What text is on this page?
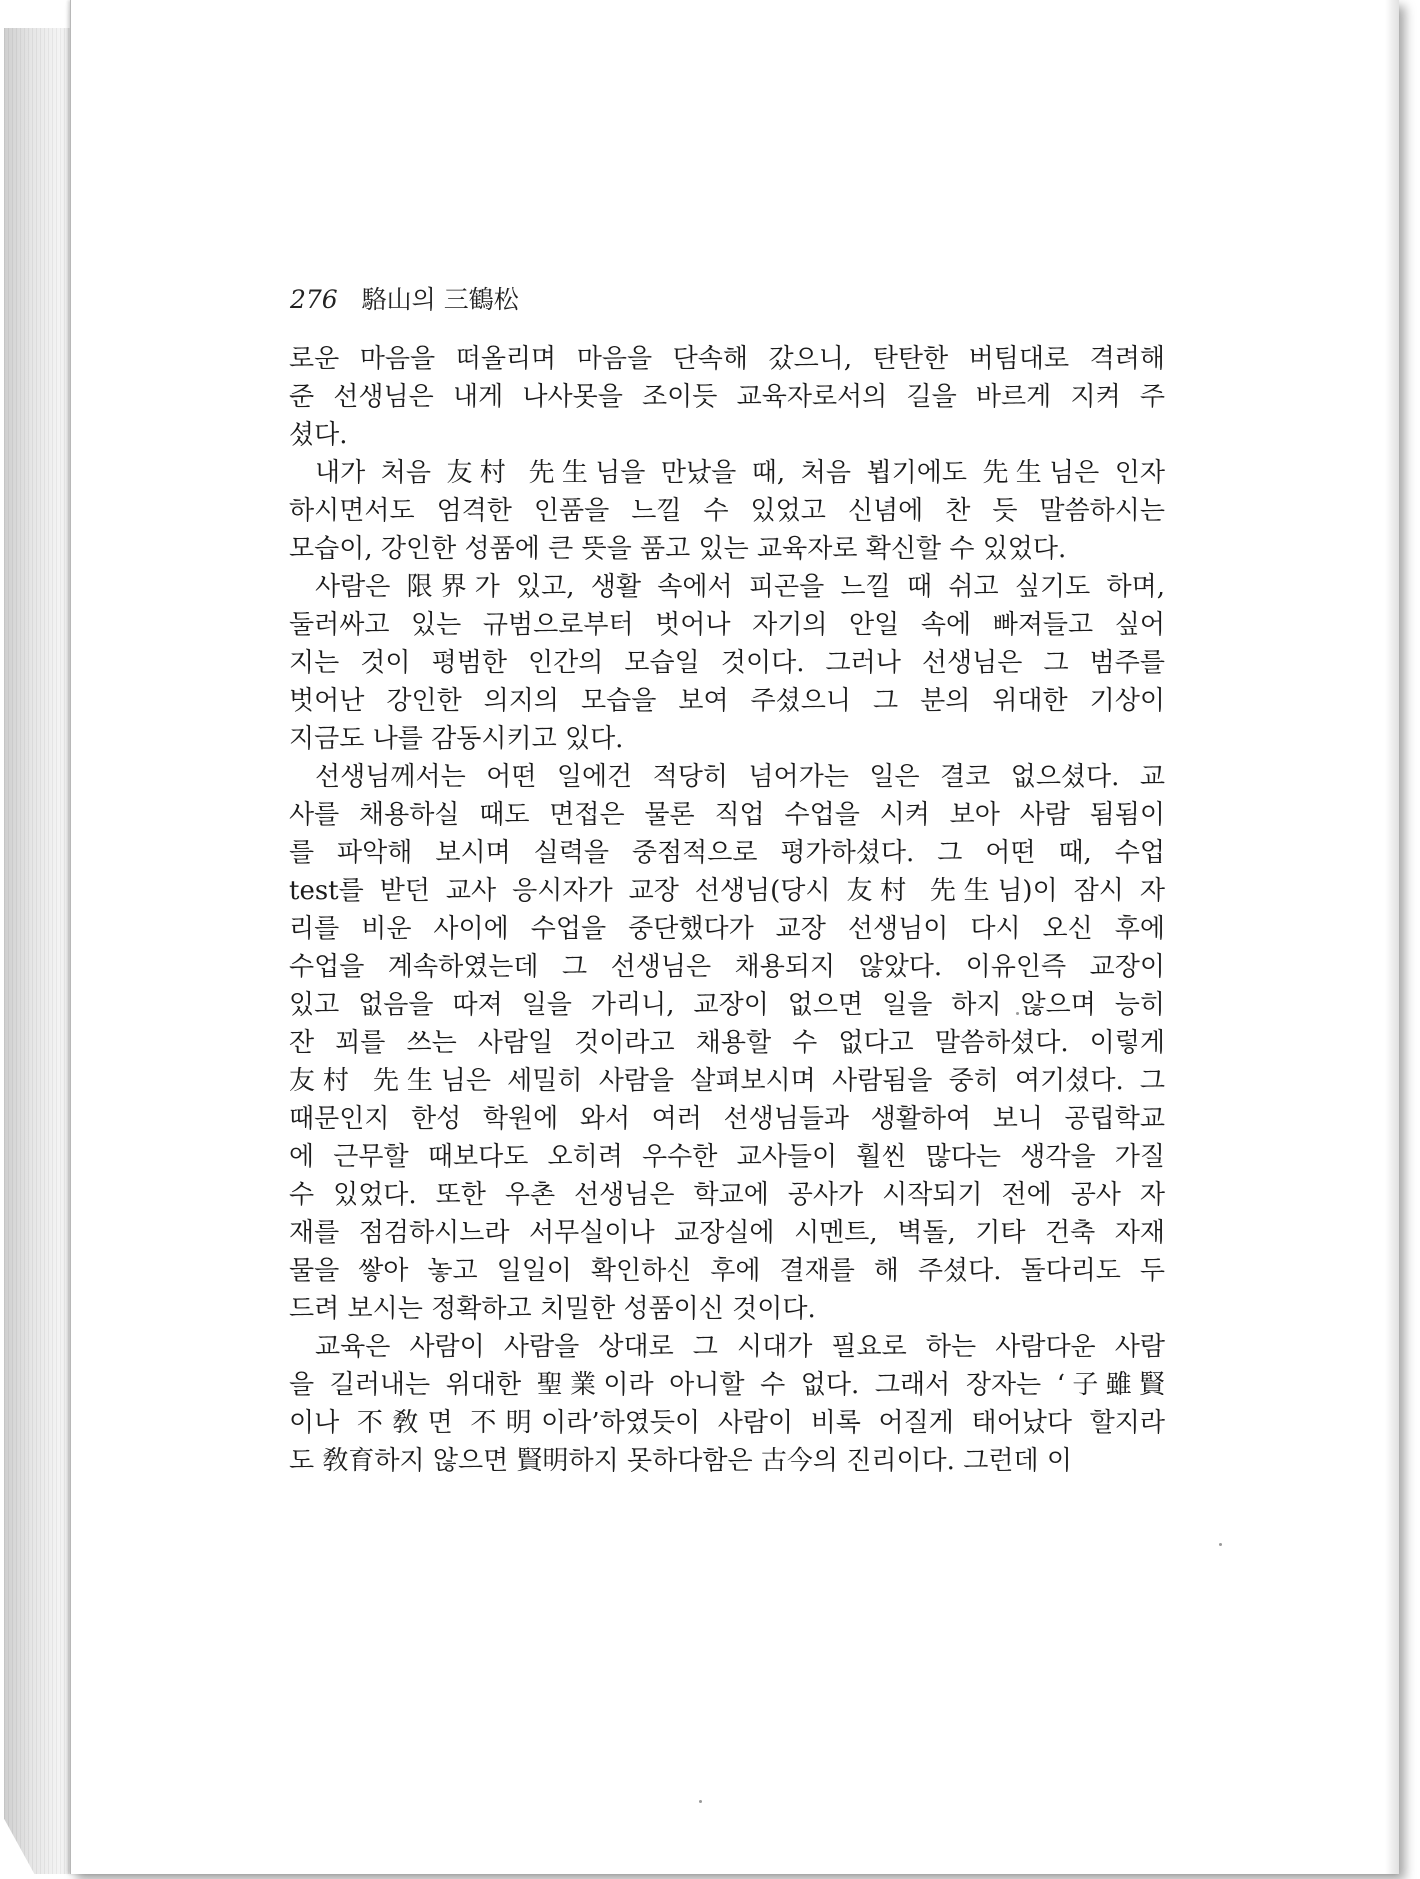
276 駱山의 三鶴松
로운 마음을 떠올리며 마음을 단속해 갔으니, 탄탄한 버팀대로 격려해
준 선생님은 내게 나사못을 조이듯 교육자로서의 길을 바르게 지켜 주
셨다.
내가 처음 友村 先生님을 만났을 때, 처음 뵙기에도 先生님은 인자
하시면서도 엄격한 인품을 느낄 수 있었고 신념에 찬 듯 말씀하시는
모습이, 강인한 성품에 큰 뜻을 품고 있는 교육자로 확신할 수 있었다.
사람은 限界가 있고, 생활 속에서 피곤을 느낄 때 쉬고 싶기도 하며,
둘러싸고 있는 규범으로부터 벗어나 자기의 안일 속에 빠져들고 싶어
지는 것이 평범한 인간의 모습일 것이다. 그러나 선생님은 그 범주를
벗어난 강인한 의지의 모습을 보여 주셨으니 그 분의 위대한 기상이
지금도 나를 감동시키고 있다.
선생님께서는 어떤 일에건 적당히 넘어가는 일은 결코 없으셨다. 교
사를 채용하실 때도 면접은 물론 직업 수업을 시켜 보아 사람 됨됨이
를 파악해 보시며 실력을 중점적으로 평가하셨다. 그 어떤 때, 수업
test를 받던 교사 응시자가 교장 선생님(당시 友村 先生님)이 잠시 자
리를 비운 사이에 수업을 중단했다가 교장 선생님이 다시 오신 후에
수업을 계속하였는데 그 선생님은 채용되지 않았다. 이유인즉 교장이
있고 없음을 따져 일을 가리니, 교장이 없으면 일을 하지 않으며 능히
잔 꾀를 쓰는 사람일 것이라고 채용할 수 없다고 말씀하셨다. 이렇게
友村 先生님은 세밀히 사람을 살펴보시며 사람됨을 중히 여기셨다. 그
때문인지 한성 학원에 와서 여러 선생님들과 생활하여 보니 공립학교
에 근무할 때보다도 오히려 우수한 교사들이 훨씬 많다는 생각을 가질
수 있었다. 또한 우촌 선생님은 학교에 공사가 시작되기 전에 공사 자
재를 점검하시느라 서무실이나 교장실에 시멘트, 벽돌, 기타 건축 자재
물을 쌓아 놓고 일일이 확인하신 후에 결재를 해 주셨다. 돌다리도 두
드려 보시는 정확하고 치밀한 성품이신 것이다.
교육은 사람이 사람을 상대로 그 시대가 필요로 하는 사람다운 사람
을 길러내는 위대한 聖業이라 아니할 수 없다. 그래서 장자는 ‘子雖賢
이나 不敎면 不明이라’하였듯이 사람이 비록 어질게 태어났다 할지라
도 敎育하지 않으면 賢明하지 못하다함은 古今의 진리이다. 그런데 이
